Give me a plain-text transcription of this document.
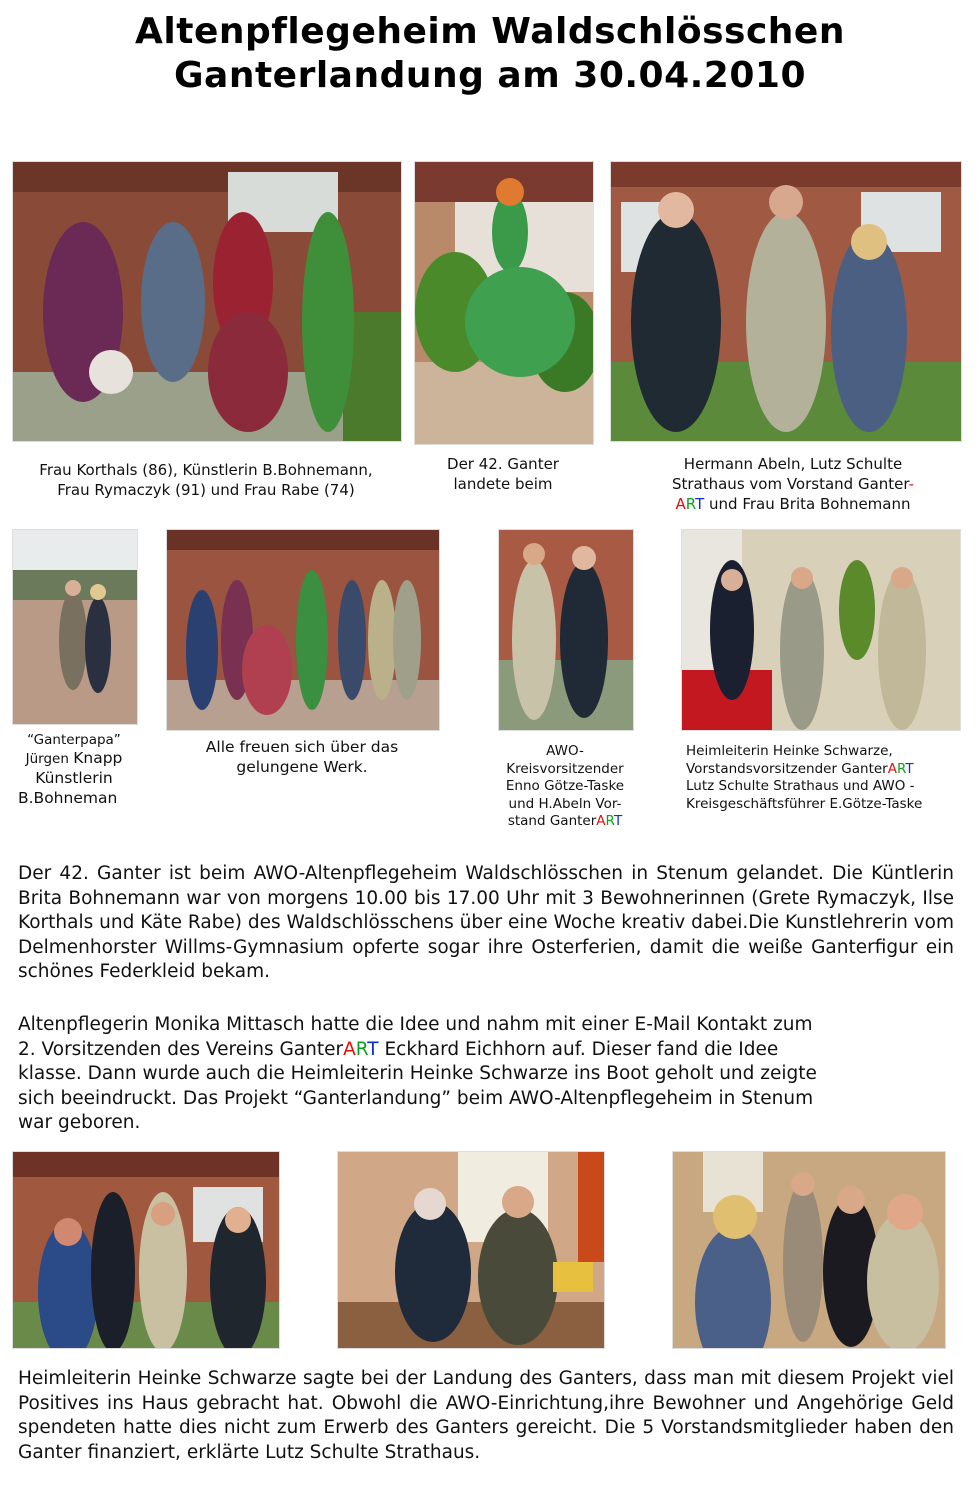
Altenpflegeheim Waldschlösschen
Ganterlandung am 30.04.2010
Frau Korthals (86), Künstlerin B.Bohnemann,
Frau Rymaczyk (91) und Frau Rabe (74)
Der 42. Ganter
landete beim
Hermann Abeln, Lutz Schulte
Strathaus vom Vorstand Ganter-
ART und Frau Brita Bohnemann
“Ganterpapa”
Jürgen Knapp
Künstlerin
B.Bohneman
Alle freuen sich über das
gelungene Werk.
AWO-
Kreisvorsitzender
Enno Götze-Taske
und H.Abeln Vor-
stand GanterART
Heimleiterin Heinke Schwarze,
Vorstandsvorsitzender GanterART
Lutz Schulte Strathaus und AWO -
Kreisgeschäftsführer E.Götze-Taske
Der 42. Ganter ist beim AWO-Altenpflegeheim Waldschlösschen in Stenum gelandet. Die Küntlerin Brita Bohnemann war von morgens 10.00 bis 17.00 Uhr mit 3 Bewohnerinnen (Grete Rymaczyk, Ilse Korthals und Käte Rabe) des Waldschlösschens über eine Woche kreativ dabei.Die Kunstlehrerin vom Delmenhorster Willms-Gymnasium opferte sogar ihre Osterferien, damit die weiße Ganterfigur ein schönes Federkleid bekam.
Altenpflegerin Monika Mittasch hatte die Idee und nahm mit einer E-Mail Kontakt zum
2. Vorsitzenden des Vereins GanterART Eckhard Eichhorn auf. Dieser fand die Idee
klasse. Dann wurde auch die Heimleiterin Heinke Schwarze ins Boot geholt und zeigte
sich beeindruckt. Das Projekt “Ganterlandung” beim AWO-Altenpflegeheim in Stenum
war geboren.
Heimleiterin Heinke Schwarze sagte bei der Landung des Ganters, dass man mit diesem Projekt viel Positives ins Haus gebracht hat. Obwohl die AWO-Einrichtung,ihre Bewohner und Angehörige Geld spendeten hatte dies nicht zum Erwerb des Ganters gereicht. Die 5 Vorstandsmitglieder haben den Ganter finanziert, erklärte Lutz Schulte Strathaus.
